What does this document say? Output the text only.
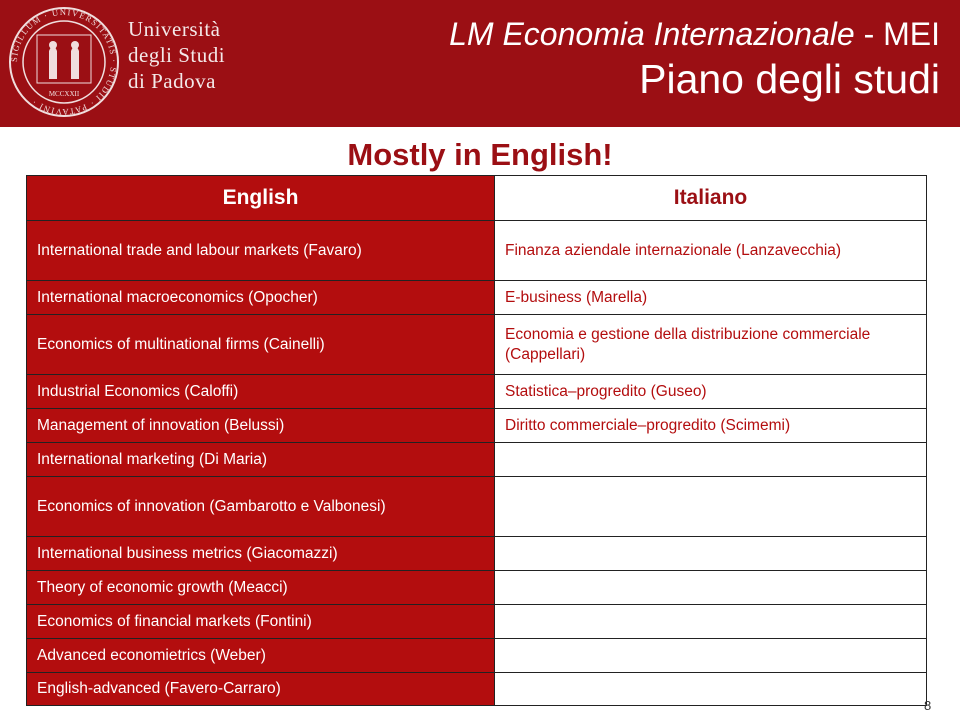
SIGILLUM · UNIVERSITATIS · STUDII · PATAVINI ·
MCCXXII
Università
degli Studi
di Padova
LM Economia Internazionale - MEI
Piano degli studi
Mostly in English!
English	Italiano
International trade and labour markets (Favaro)	Finanza aziendale internazionale (Lanzavecchia)
International macroeconomics (Opocher)	E-business (Marella)
Economics of multinational firms (Cainelli)	Economia e gestione della distribuzione commerciale (Cappellari)
Industrial Economics (Caloffi)	Statistica–progredito (Guseo)
Management of innovation (Belussi)	Diritto commerciale–progredito (Scimemi)
International marketing (Di Maria)	
Economics of innovation (Gambarotto e Valbonesi)	
International business metrics (Giacomazzi)	
Theory of economic growth (Meacci)	
Economics of financial markets (Fontini)	
Advanced economietrics (Weber)	
English-advanced (Favero-Carraro)	
8
